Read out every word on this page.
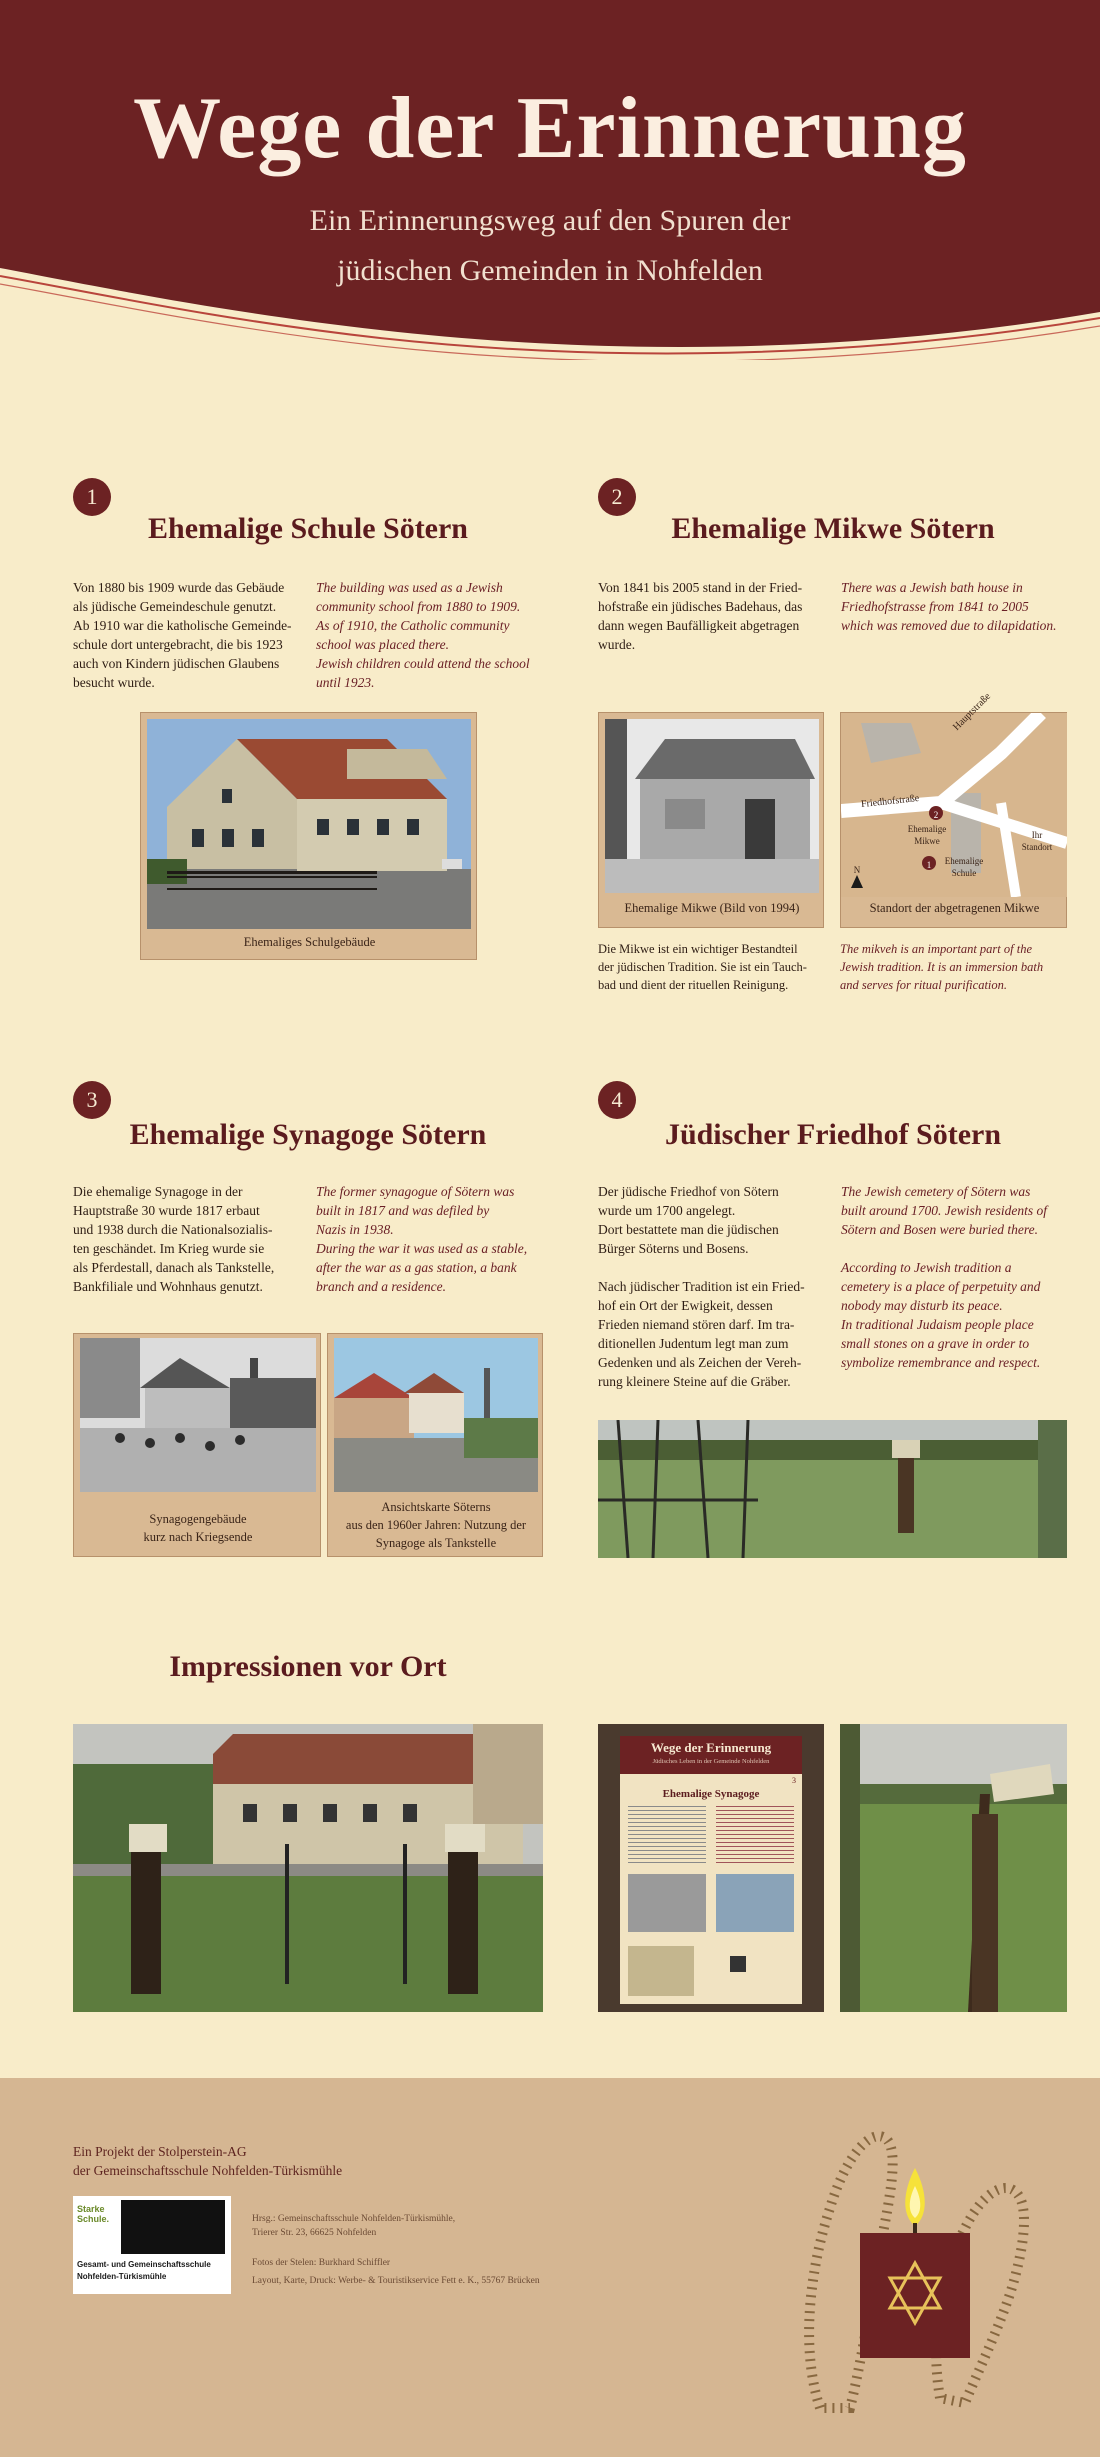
Wege der Erinnerung
Ein Erinnerungsweg auf den Spuren der
jüdischen Gemeinden in Nohfelden
1
Ehemalige Schule Sötern
Von 1880 bis 1909 wurde das Gebäude
als jüdische Gemeindeschule genutzt.
Ab 1910 war die katholische Gemeinde-
schule dort untergebracht, die bis 1923
auch von Kindern jüdischen Glaubens
besucht wurde.
The building was used as a Jewish
community school from 1880 to 1909.
As of 1910, the Catholic community
school was placed there.
Jewish children could attend the school
until 1923.
Ehemaliges Schulgebäude
2
Ehemalige Mikwe Sötern
Von 1841 bis 2005 stand in der Fried-
hofstraße ein jüdisches Badehaus, das
dann wegen Baufälligkeit abgetragen
wurde.
There was a Jewish bath house in
Friedhofstrasse from 1841 to 2005
which was removed due to dilapidation.
Ehemalige Mikwe (Bild von 1994)
Hauptstraße
Friedhofstraße
2
1
Ehemalige Mikwe
Ehemalige Schule
Ihr Standort
N
Standort der abgetragenen Mikwe
Die Mikwe ist ein wichtiger Bestandteil
der jüdischen Tradition. Sie ist ein Tauch-
bad und dient der rituellen Reinigung.
The mikveh is an important part of the
Jewish tradition. It is an immersion bath
and serves for ritual purification.
3
Ehemalige Synagoge Sötern
Die ehemalige Synagoge in der
Hauptstraße 30 wurde 1817 erbaut
und 1938 durch die Nationalsozialis-
ten geschändet. Im Krieg wurde sie
als Pferdestall, danach als Tankstelle,
Bankfiliale und Wohnhaus genutzt.
The former synagogue of Sötern was
built in 1817 and was defiled by
Nazis in 1938.
During the war it was used as a stable,
after the war as a gas station, a bank
branch and a residence.
Synagogengebäude
kurz nach Kriegsende
Ansichtskarte Söterns
aus den 1960er Jahren: Nutzung der
Synagoge als Tankstelle
4
Jüdischer Friedhof Sötern

Der jüdische Friedhof von Sötern
wurde um 1700 angelegt.
Dort bestattete man die jüdischen
Bürger Söterns und Bosens.

Nach jüdischer Tradition ist ein Fried-
hof ein Ort der Ewigkeit, dessen
Frieden niemand stören darf. Im tra-
ditionellen Judentum legt man zum
Gedenken und als Zeichen der Vereh-
rung kleinere Steine auf die Gräber.

The Jewish cemetery of Sötern was
built around 1700. Jewish residents of
Sötern and Bosen were buried there.

According to Jewish tradition a
cemetery is a place of perpetuity and
nobody may disturb its peace.
In traditional Judaism people place
small stones on a grave in order to
symbolize remembrance and respect.

Impressionen vor Ort
Wege der Erinnerung
Jüdisches Leben in der Gemeinde Nohfelden
3
Ehemalige Synagoge
Ein Projekt der Stolperstein-AG
der Gemeinschaftsschule Nohfelden-Türkismühle
Starke
Schule.
Gesamt- und Gemeinschaftsschule
Nohfelden-Türkismühle
Hrsg.: Gemeinschaftsschule Nohfelden-Türkismühle,
Trierer Str. 23, 66625 Nohfelden
Fotos der Stelen: Burkhard Schiffler
Layout, Karte, Druck: Werbe- & Touristikservice Fett e. K., 55767 Brücken
